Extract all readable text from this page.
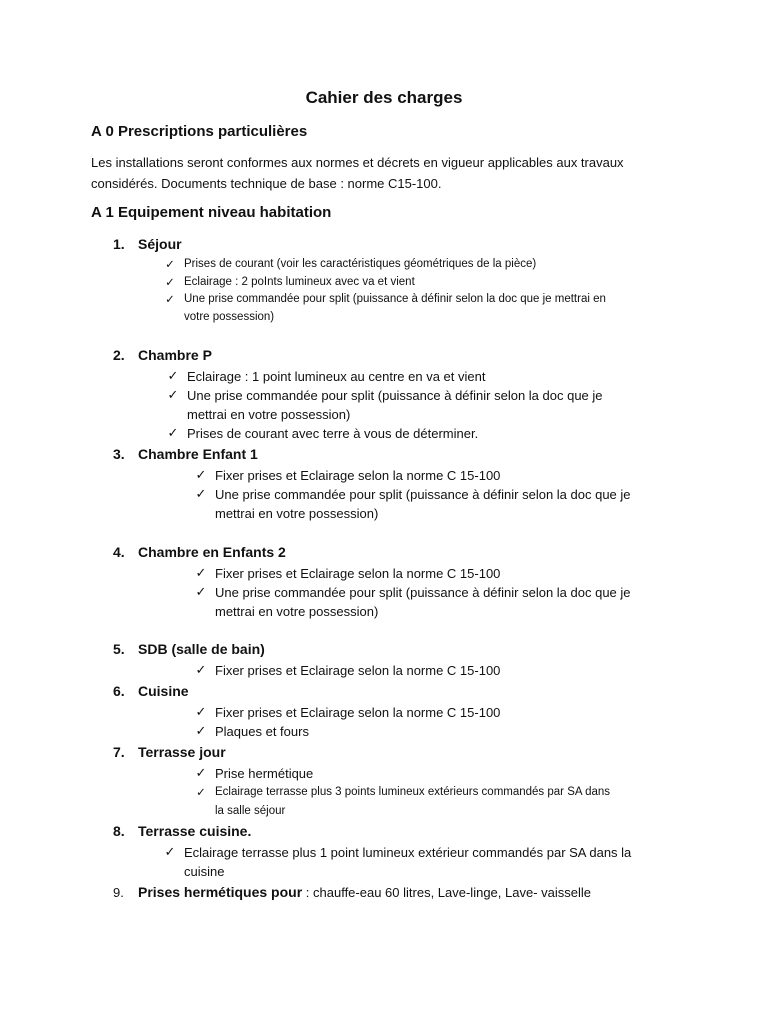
Cahier des charges
A 0 Prescriptions particulières
Les installations seront conformes aux normes et décrets en vigueur applicables aux travaux
considérés. Documents technique de base : norme C15-100.
A 1 Equipement niveau habitation
1. Séjour
✓ Prises de courant (voir les caractéristiques géométriques de la pièce)
✓ Eclairage : 2 poInts lumineux avec va et vient
✓ Une prise commandée pour split (puissance à définir selon la doc que je mettrai en
votre possession)
2. Chambre P
✓ Eclairage : 1 point lumineux au centre en va et vient
✓ Une prise commandée pour split (puissance à définir selon la doc que je
mettrai en votre possession)
✓ Prises de courant avec terre à vous de déterminer.
3. Chambre Enfant 1
✓ Fixer prises et Eclairage selon la norme C 15-100
✓ Une prise commandée pour split (puissance à définir selon la doc que je
mettrai en votre possession)
4. Chambre en Enfants 2
✓ Fixer prises et Eclairage selon la norme C 15-100
✓ Une prise commandée pour split (puissance à définir selon la doc que je
mettrai en votre possession)
5. SDB (salle de bain)
✓ Fixer prises et Eclairage selon la norme C 15-100
6. Cuisine
✓ Fixer prises et Eclairage selon la norme C 15-100
✓ Plaques et fours
7. Terrasse jour
✓ Prise hermétique
✓ Eclairage terrasse plus 3 points lumineux extérieurs commandés par SA dans
la salle séjour
8. Terrasse cuisine.
✓ Eclairage terrasse plus 1 point lumineux extérieur commandés par SA dans la
cuisine
9. Prises hermétiques pour : chauffe-eau 60 litres, Lave-linge, Lave- vaisselle
